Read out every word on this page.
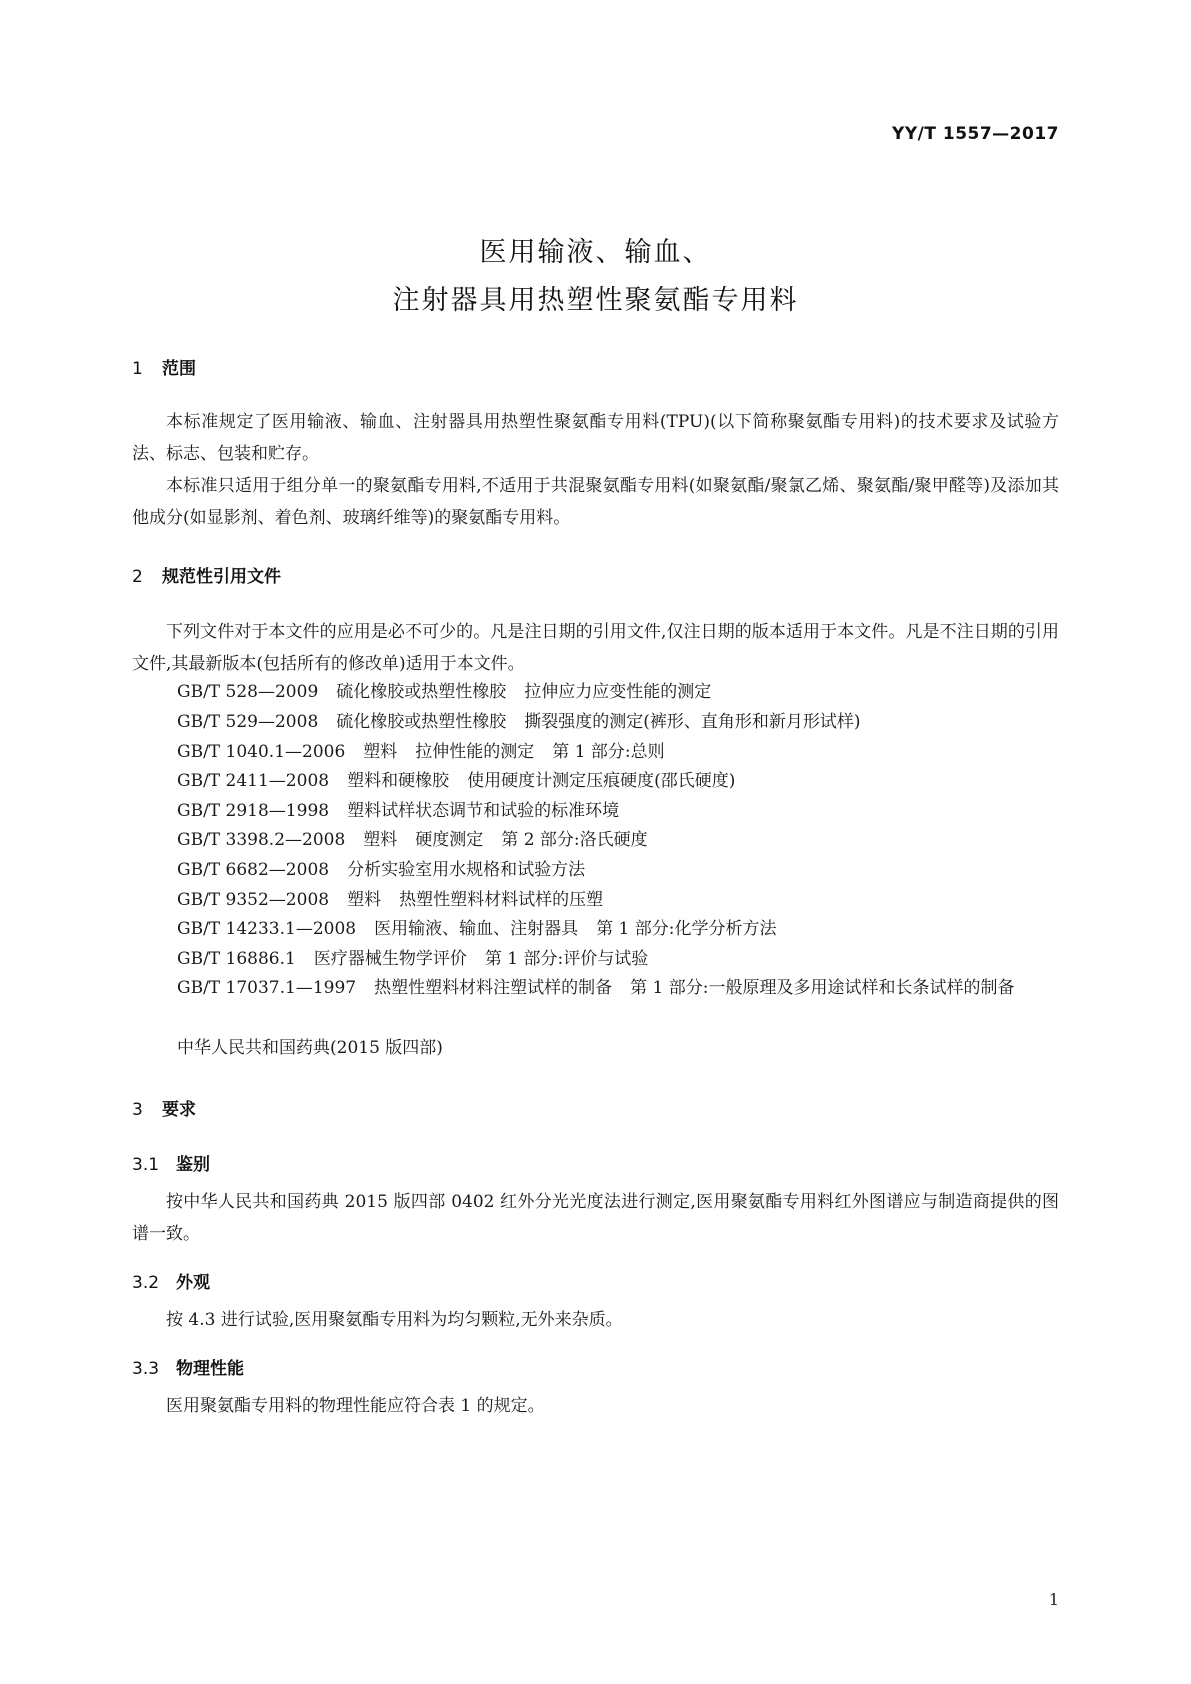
YY/T 1557—2017
医用输液、输血、
注射器具用热塑性聚氨酯专用料
1 范围
本标准规定了医用输液、输血、注射器具用热塑性聚氨酯专用料(TPU)(以下简称聚氨酯专用料)的技术要求及试验方法、标志、包装和贮存。
本标准只适用于组分单一的聚氨酯专用料,不适用于共混聚氨酯专用料(如聚氨酯/聚氯乙烯、聚氨酯/聚甲醛等)及添加其他成分(如显影剂、着色剂、玻璃纤维等)的聚氨酯专用料。
2 规范性引用文件
下列文件对于本文件的应用是必不可少的。凡是注日期的引用文件,仅注日期的版本适用于本文件。凡是不注日期的引用文件,其最新版本(包括所有的修改单)适用于本文件。
GB/T 528—2009 硫化橡胶或热塑性橡胶 拉伸应力应变性能的测定
GB/T 529—2008 硫化橡胶或热塑性橡胶 撕裂强度的测定(裤形、直角形和新月形试样)
GB/T 1040.1—2006 塑料 拉伸性能的测定 第 1 部分:总则
GB/T 2411—2008 塑料和硬橡胶 使用硬度计测定压痕硬度(邵氏硬度)
GB/T 2918—1998 塑料试样状态调节和试验的标准环境
GB/T 3398.2—2008 塑料 硬度测定 第 2 部分:洛氏硬度
GB/T 6682—2008 分析实验室用水规格和试验方法
GB/T 9352—2008 塑料 热塑性塑料材料试样的压塑
GB/T 14233.1—2008 医用输液、输血、注射器具 第 1 部分:化学分析方法
GB/T 16886.1 医疗器械生物学评价 第 1 部分:评价与试验
GB/T 17037.1—1997 热塑性塑料材料注塑试样的制备 第 1 部分:一般原理及多用途试样和长条试样的制备
中华人民共和国药典(2015 版四部)
3 要求
3.1 鉴别
按中华人民共和国药典 2015 版四部 0402 红外分光光度法进行测定,医用聚氨酯专用料红外图谱应与制造商提供的图谱一致。
3.2 外观
按 4.3 进行试验,医用聚氨酯专用料为均匀颗粒,无外来杂质。
3.3 物理性能
医用聚氨酯专用料的物理性能应符合表 1 的规定。
1
